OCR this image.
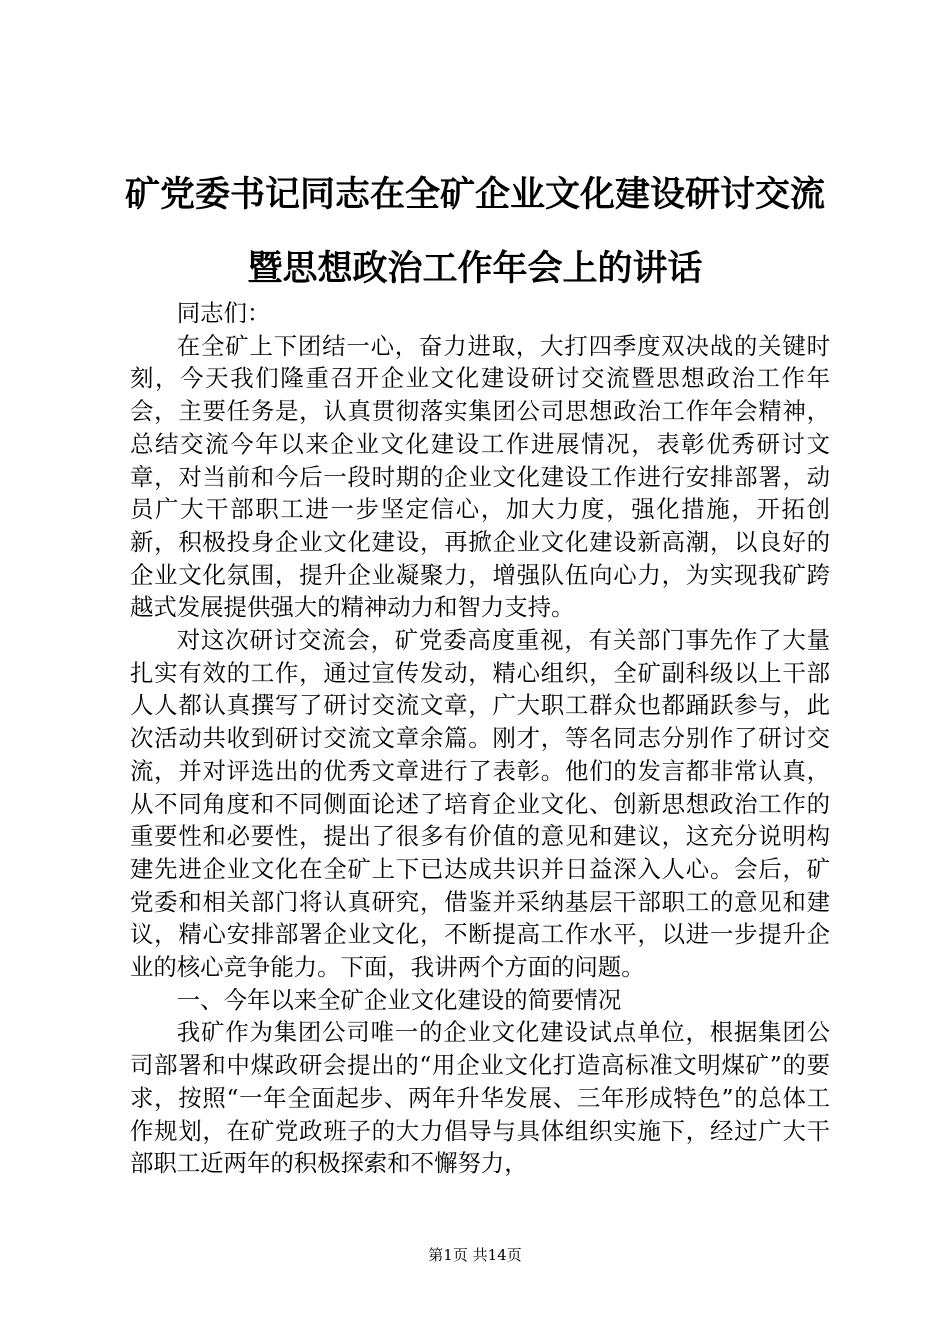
矿党委书记同志在全矿企业文化建设研讨交流
暨思想政治工作年会上的讲话

同志们：

在全矿上下团结一心，奋力进取，大打四季度双决战的关键时刻，今天我们隆重召开企业文化建设研讨交流暨思想政治工作年会，主要任务是，认真贯彻落实集团公司思想政治工作年会精神，总结交流今年以来企业文化建设工作进展情况，表彰优秀研讨文章，对当前和今后一段时期的企业文化建设工作进行安排部署，动员广大干部职工进一步坚定信心，加大力度，强化措施，开拓创新，积极投身企业文化建设，再掀企业文化建设新高潮，以良好的企业文化氛围，提升企业凝聚力，增强队伍向心力，为实现我矿跨越式发展提供强大的精神动力和智力支持。

对这次研讨交流会，矿党委高度重视，有关部门事先作了大量扎实有效的工作，通过宣传发动，精心组织，全矿副科级以上干部人人都认真撰写了研讨交流文章，广大职工群众也都踊跃参与，此次活动共收到研讨交流文章余篇。刚才，等名同志分别作了研讨交流，并对评选出的优秀文章进行了表彰。他们的发言都非常认真，从不同角度和不同侧面论述了培育企业文化、创新思想政治工作的重要性和必要性，提出了很多有价值的意见和建议，这充分说明构建先进企业文化在全矿上下已达成共识并日益深入人心。会后，矿党委和相关部门将认真研究，借鉴并采纳基层干部职工的意见和建议，精心安排部署企业文化，不断提高工作水平，以进一步提升企业的核心竞争能力。下面，我讲两个方面的问题。

一、今年以来全矿企业文化建设的简要情况

我矿作为集团公司唯一的企业文化建设试点单位，根据集团公司部署和中煤政研会提出的“用企业文化打造高标准文明煤矿”的要求，按照“一年全面起步、两年升华发展、三年形成特色”的总体工作规划，在矿党政班子的大力倡导与具体组织实施下，经过广大干部职工近两年的积极探索和不懈努力，

第1页 共14页
